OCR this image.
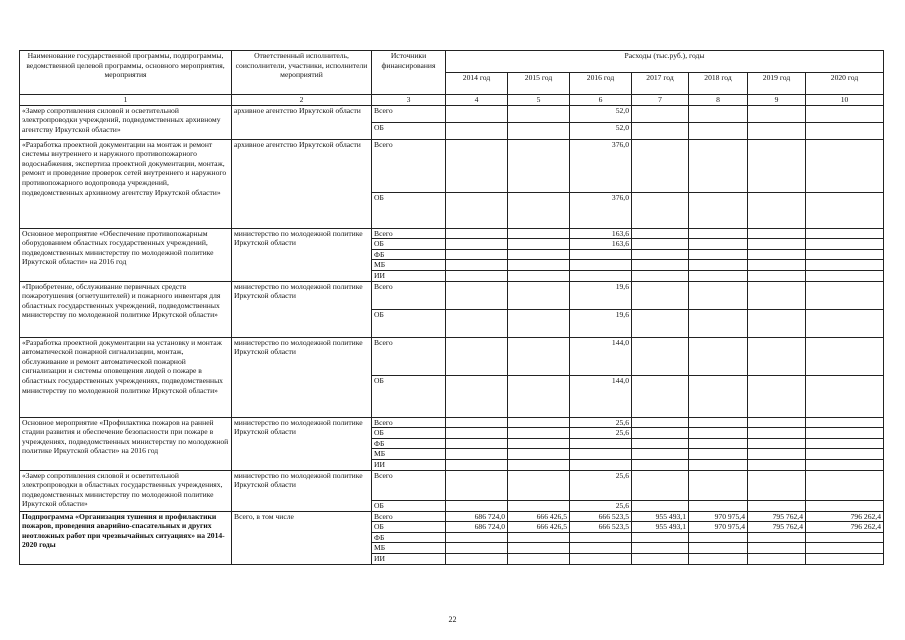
Наименование государственной программы, подпрограммы, ведомственной целевой программы, основного мероприятия, мероприятия	Ответственный исполнитель, соисполнители, участники, исполнители мероприятий	Источники финансирования	Расходы (тыс.руб.), годы						
			2014 год	2015 год	2016 год	2017 год	2018 год	2019 год	2020 год
1	2	3	4	5	6	7	8	9	10
«Замер сопротивления силовой и осветительной электропроводки учреждений, подведомственных архивному агентству Иркутской области»	архивное агентство Иркутской области	Всего			52,0				
		ОБ			52,0				
«Разработка проектной документации на монтаж и ремонт системы внутреннего и наружного противопожарного водоснабжения, экспертиза проектной документации, монтаж, ремонт и проведение проверок сетей внутреннего и наружного противопожарного водопровода учреждений, подведомственных архивному агентству Иркутской области»	архивное агентство Иркутской области	Всего			376,0				
		ОБ			376,0				
Основное мероприятие «Обеспечение противопожарным оборудованием областных государственных учреждений, подведомственных министерству по молодежной политике Иркутской области» на 2016 год	министерство по молодежной политике Иркутской области	Всего			163,6				
		ОБ			163,6				
		ФБ							
		МБ							
		ИИ							
«Приобретение, обслуживание первичных средств пожаротушения (огнетушителей) и пожарного инвентаря для областных государственных учреждений, подведомственных министерству по молодежной политике Иркутской области»	министерство по молодежной политике Иркутской области	Всего			19,6				
		ОБ			19,6				
«Разработка проектной документации на установку и монтаж автоматической пожарной сигнализации, монтаж, обслуживание и ремонт автоматической пожарной сигнализации и системы оповещения людей о пожаре в областных государственных учреждениях, подведомственных министерству по молодежной политике Иркутской области»	министерство по молодежной политике Иркутской области	Всего			144,0				
		ОБ			144,0				
Основное мероприятие «Профилактика пожаров на ранней стадии развития и обеспечение безопасности при пожаре в учреждениях, подведомственных министерству по молодежной политике Иркутской области» на 2016 год	министерство по молодежной политике Иркутской области	Всего			25,6				
		ОБ			25,6				
		ФБ							
		МБ							
		ИИ							
«Замер сопротивления силовой и осветительной электропроводки в областных государственных учреждениях, подведомственных министерству по молодежной политике Иркутской области»	министерство по молодежной политике Иркутской области	Всего			25,6				
		ОБ			25,6				
Подпрограмма «Организация тушения и профилактики пожаров, проведения аварийно-спасательных и других неотложных работ при чрезвычайных ситуациях» на 2014-2020 годы	Всего, в том числе	Всего	686 724,0	666 426,5	666 523,5	955 493,1	970 975,4	795 762,4	796 262,4
		ОБ	686 724,0	666 426,5	666 523,5	955 493,1	970 975,4	795 762,4	796 262,4
		ФБ							
		МБ							
		ИИ							
22
